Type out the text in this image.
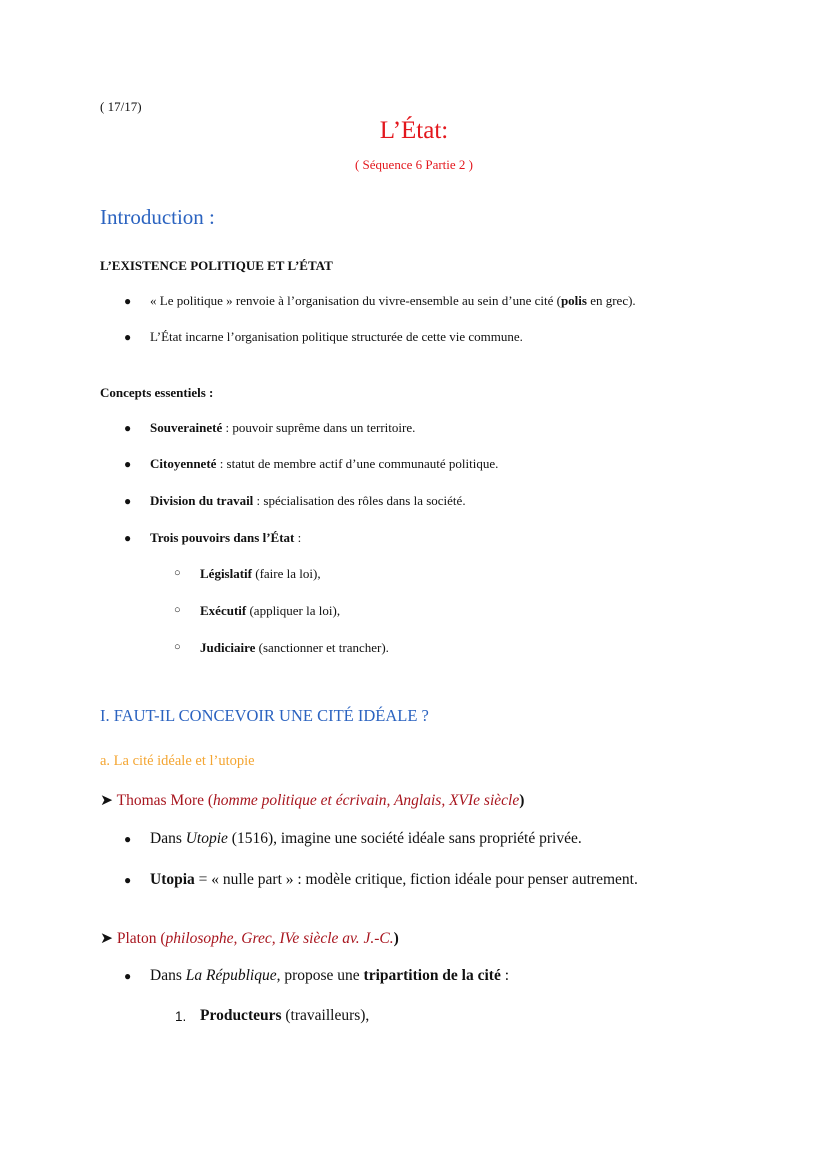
( 17/17)
L’État:
( Séquence 6 Partie 2 )
Introduction :
L’EXISTENCE POLITIQUE ET L’ÉTAT
● « Le politique » renvoie à l’organisation du vivre-ensemble au sein d’une cité (polis en grec).
● L’État incarne l’organisation politique structurée de cette vie commune.
Concepts essentiels :
● Souveraineté : pouvoir suprême dans un territoire.
● Citoyenneté : statut de membre actif d’une communauté politique.
● Division du travail : spécialisation des rôles dans la société.
● Trois pouvoirs dans l’État :
○ Législatif (faire la loi),
○ Exécutif (appliquer la loi),
○ Judiciaire (sanctionner et trancher).
I. FAUT-IL CONCEVOIR UNE CITÉ IDÉALE ?
a. La cité idéale et l’utopie
➤ Thomas More (homme politique et écrivain, Anglais, XVIe siècle)
● Dans Utopie (1516), imagine une société idéale sans propriété privée.
● Utopia = « nulle part » : modèle critique, fiction idéale pour penser autrement.
➤ Platon (philosophe, Grec, IVe siècle av. J.-C.)
● Dans La République, propose une tripartition de la cité :
1. Producteurs (travailleurs),
